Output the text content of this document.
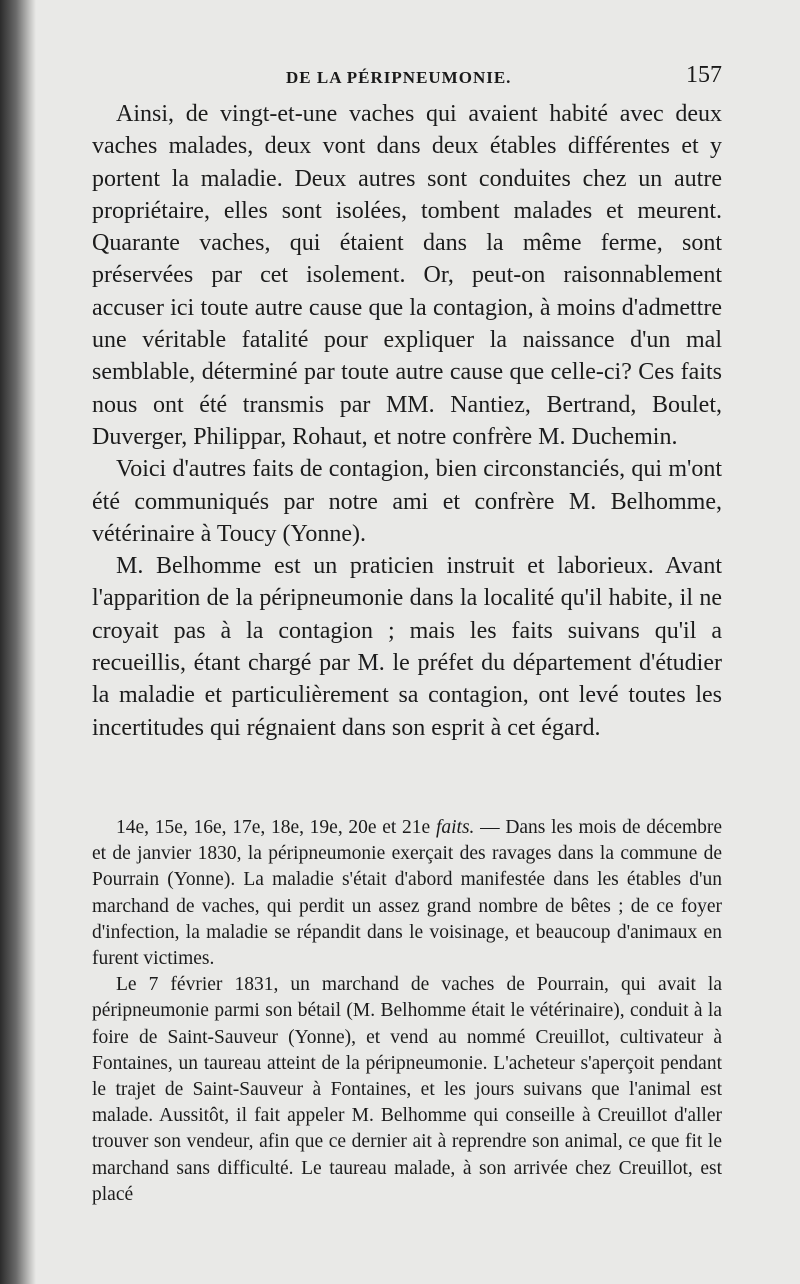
DE LA PÉRIPNEUMONIE.	157

Ainsi, de vingt-et-une vaches qui avaient habité avec deux vaches malades, deux vont dans deux étables différentes et y portent la maladie. Deux autres sont conduites chez un autre propriétaire, elles sont isolées, tombent malades et meurent. Quarante vaches, qui étaient dans la même ferme, sont préservées par cet isolement. Or, peut-on raisonnablement accuser ici toute autre cause que la contagion, à moins d'admettre une véritable fatalité pour expliquer la naissance d'un mal semblable, déterminé par toute autre cause que celle-ci? Ces faits nous ont été transmis par MM. Nantiez, Bertrand, Boulet, Duverger, Philippar, Rohaut, et notre confrère M. Duchemin.

Voici d'autres faits de contagion, bien circonstanciés, qui m'ont été communiqués par notre ami et confrère M. Belhomme, vétérinaire à Toucy (Yonne).

M. Belhomme est un praticien instruit et laborieux. Avant l'apparition de la péripneumonie dans la localité qu'il habite, il ne croyait pas à la contagion ; mais les faits suivans qu'il a recueillis, étant chargé par M. le préfet du département d'étudier la maladie et particulièrement sa contagion, ont levé toutes les incertitudes qui régnaient dans son esprit à cet égard.

14e, 15e, 16e, 17e, 18e, 19e, 20e et 21e faits. — Dans les mois de décembre et de janvier 1830, la péripneumonie exerçait des ravages dans la commune de Pourrain (Yonne). La maladie s'était d'abord manifestée dans les étables d'un marchand de vaches, qui perdit un assez grand nombre de bêtes ; de ce foyer d'infection, la maladie se répandit dans le voisinage, et beaucoup d'animaux en furent victimes.

Le 7 février 1831, un marchand de vaches de Pourrain, qui avait la péripneumonie parmi son bétail (M. Belhomme était le vétérinaire), conduit à la foire de Saint-Sauveur (Yonne), et vend au nommé Creuillot, cultivateur à Fontaines, un taureau atteint de la péripneumonie. L'acheteur s'aperçoit pendant le trajet de Saint-Sauveur à Fontaines, et les jours suivans que l'animal est malade. Aussitôt, il fait appeler M. Belhomme qui conseille à Creuillot d'aller trouver son vendeur, afin que ce dernier ait à reprendre son animal, ce que fit le marchand sans difficulté. Le taureau malade, à son arrivée chez Creuillot, est placé
